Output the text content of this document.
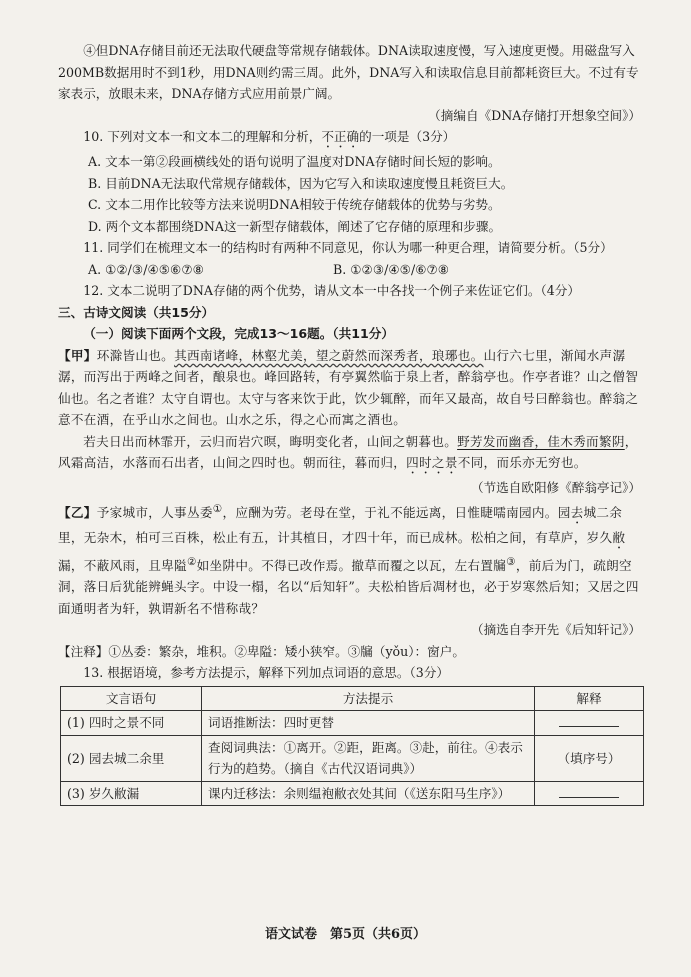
④但DNA存储目前还无法取代硬盘等常规存储载体。DNA读取速度慢，写入速度更慢。用磁盘写入200MB数据用时不到1秒，用DNA则约需三周。此外，DNA写入和读取信息目前都耗资巨大。不过有专家表示，放眼未来，DNA存储方式应用前景广阔。

（摘编自《DNA存储打开想象空间》）

10. 下列对文本一和文本二的理解和分析，不正确的一项是（3分）

A. 文本一第②段画横线处的语句说明了温度对DNA存储时间长短的影响。

B. 目前DNA无法取代常规存储载体，因为它写入和读取速度慢且耗资巨大。

C. 文本二用作比较等方法来说明DNA相较于传统存储载体的优势与劣势。

D. 两个文本都围绕DNA这一新型存储载体，阐述了它存储的原理和步骤。

11. 同学们在梳理文本一的结构时有两种不同意见，你认为哪一种更合理，请简要分析。（5分）

A. ①②/③/④⑤⑥⑦⑧	B. ①②③/④⑤/⑥⑦⑧

12. 文本二说明了DNA存储的两个优势，请从文本一中各找一个例子来佐证它们。（4分）

三、古诗文阅读（共15分）

（一）阅读下面两个文段，完成13～16题。（共11分）

【甲】环滁皆山也。其西南诸峰，林壑尤美，望之蔚然而深秀者，琅琊也。山行六七里，渐闻水声潺潺，而泻出于两峰之间者，酿泉也。峰回路转，有亭翼然临于泉上者，醉翁亭也。作亭者谁？山之僧智仙也。名之者谁？太守自谓也。太守与客来饮于此，饮少辄醉，而年又最高，故自号曰醉翁也。醉翁之意不在酒，在乎山水之间也。山水之乐，得之心而寓之酒也。

若夫日出而林霏开，云归而岩穴暝，晦明变化者，山间之朝暮也。野芳发而幽香，佳木秀而繁阴，风霜高洁，水落而石出者，山间之四时也。朝而往，暮而归，四时之景不同，而乐亦无穷也。

（节选自欧阳修《醉翁亭记》）

【乙】予家城市，人事丛委①，应酬为劳。老母在堂，于礼不能远离，日惟睫嚅南园内。园去城二余里，无杂木，柏可三百株，松止有五，计其植日，才四十年，而已成林。松柏之间，有草庐，岁久敝漏，不蔽风雨，且卑隘②如坐阱中。不得已改作焉。撤草而覆之以瓦，左右置牖③，前后为门，疏朗空洞，落日后犹能辨蝇头字。中设一榻，名以“后知轩”。夫松柏皆后凋材也，必于岁寒然后知；又居之四面通明者为轩，孰谓新名不惜称哉？

（摘选自李开先《后知轩记》）

【注释】①丛委：繁杂，堆积。②卑隘：矮小狭窄。③牖（yǒu）：窗户。

13. 根据语境，参考方法提示，解释下列加点词语的意思。（3分）

文言语句	方法提示	解释
(1) 四时之景不同	词语推断法：四时更替	
(2) 园去城二余里	查阅词典法：①离开。②距，距离。③赴，前往。④表示行为的趋势。（摘自《古代汉语词典》）	（填序号）
(3) 岁久敝漏	课内迁移法：余则缊袍敝衣处其间（《送东阳马生序》）	
语文试卷　第5页（共6页）
